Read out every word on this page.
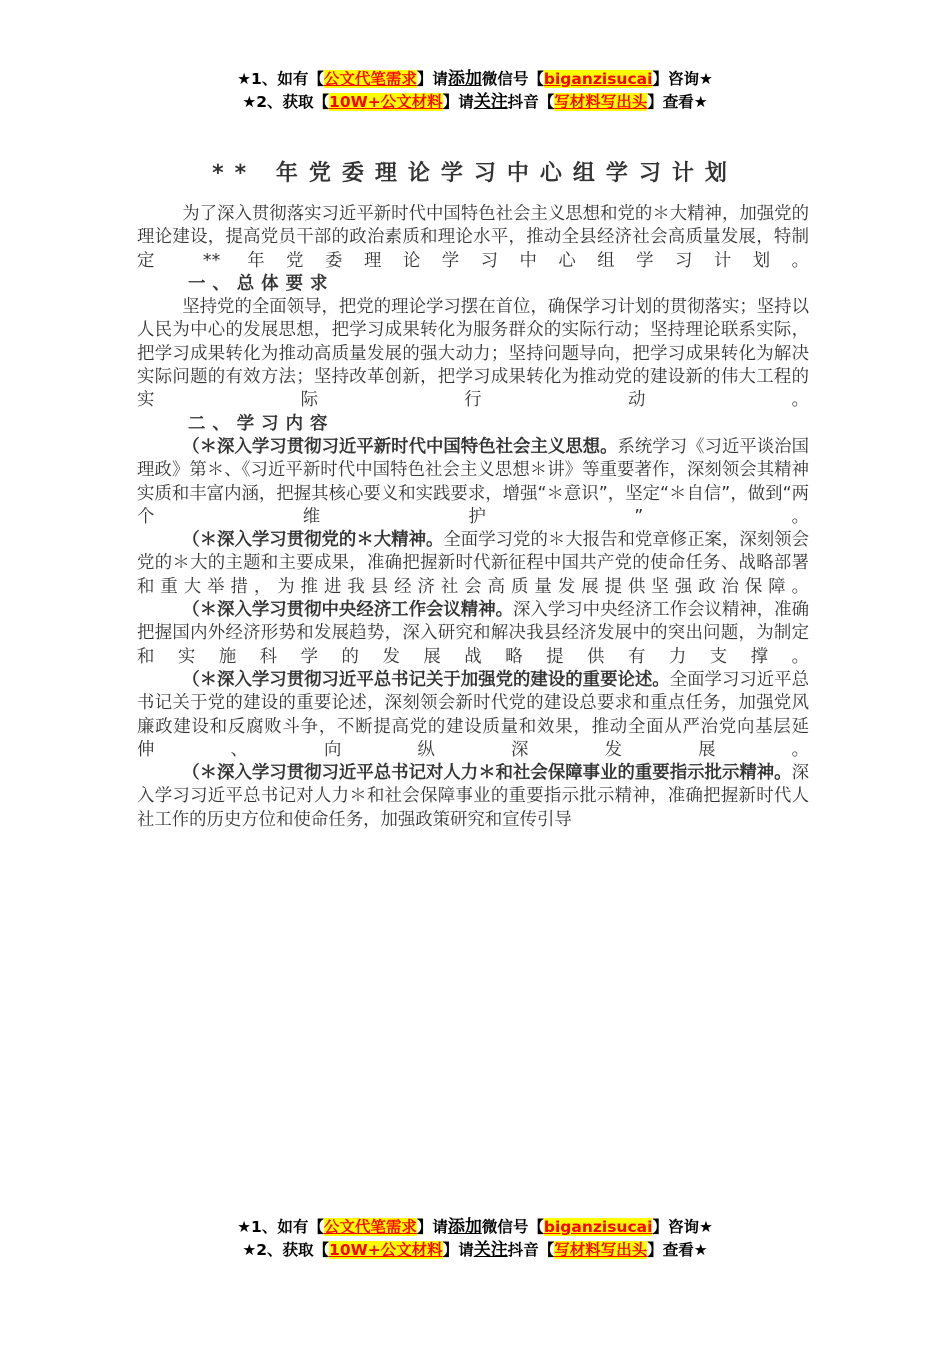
★1、如有【公文代笔需求】请添加微信号【biganzisucai】咨询★
★2、获取【10W+公文材料】请关注抖音【写材料写出头】查看★
** 年党委理论学习中心组学习计划

为了深入贯彻落实习近平新时代中国特色社会主义思想和党的＊大精神，加强党的理论建设，提高党员干部的政治素质和理论水平，推动全县经济社会高质量发展，特制定 ** 年党委理论学习中心组学习计划。

一、总体要求

坚持党的全面领导，把党的理论学习摆在首位，确保学习计划的贯彻落实；坚持以人民为中心的发展思想，把学习成果转化为服务群众的实际行动；坚持理论联系实际，把学习成果转化为推动高质量发展的强大动力；坚持问题导向，把学习成果转化为解决实际问题的有效方法；坚持改革创新，把学习成果转化为推动党的建设新的伟大工程的实际行动。

二、学习内容

（＊深入学习贯彻习近平新时代中国特色社会主义思想。系统学习《习近平谈治国理政》第＊、《习近平新时代中国特色社会主义思想＊讲》等重要著作，深刻领会其精神实质和丰富内涵，把握其核心要义和实践要求，增强“＊意识”，坚定“＊自信”，做到“两个维护”。

（＊深入学习贯彻党的＊大精神。全面学习党的＊大报告和党章修正案，深刻领会党的＊大的主题和主要成果，准确把握新时代新征程中国共产党的使命任务、战略部署和重大举措，为推进我县经济社会高质量发展提供坚强政治保障。

（＊深入学习贯彻中央经济工作会议精神。深入学习中央经济工作会议精神，准确把握国内外经济形势和发展趋势，深入研究和解决我县经济发展中的突出问题，为制定和实施科学的发展战略提供有力支撑。

（＊深入学习贯彻习近平总书记关于加强党的建设的重要论述。全面学习习近平总书记关于党的建设的重要论述，深刻领会新时代党的建设总要求和重点任务，加强党风廉政建设和反腐败斗争，不断提高党的建设质量和效果，推动全面从严治党向基层延伸、向纵深发展。

（＊深入学习贯彻习近平总书记对人力＊和社会保障事业的重要指示批示精神。深入学习习近平总书记对人力＊和社会保障事业的重要指示批示精神，准确把握新时代人社工作的历史方位和使命任务，加强政策研究和宣传引导

★1、如有【公文代笔需求】请添加微信号【biganzisucai】咨询★
★2、获取【10W+公文材料】请关注抖音【写材料写出头】查看★
